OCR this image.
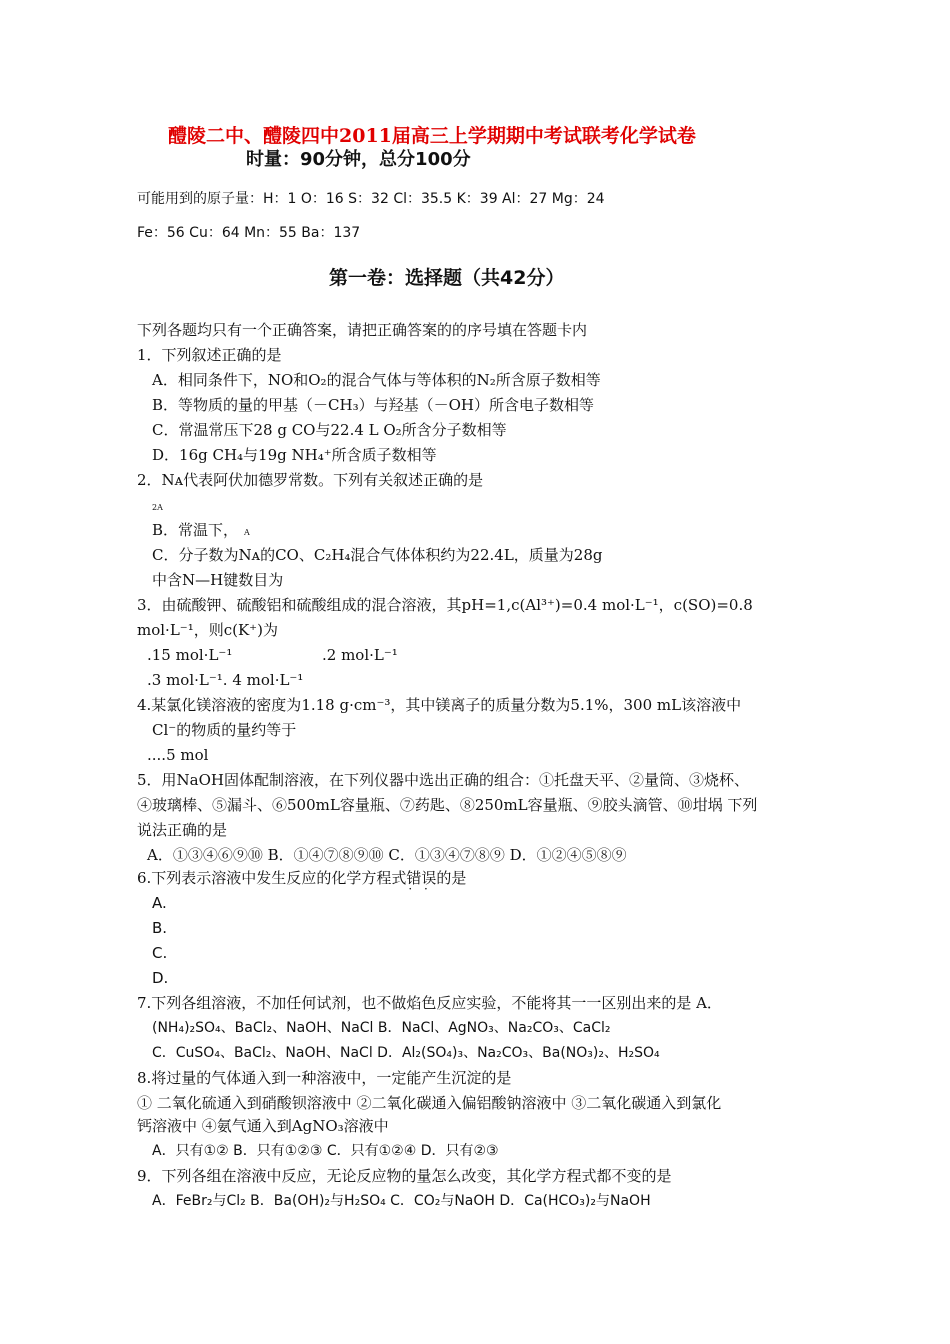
醴陵二中、醴陵四中2011届高三上学期期中考试联考化学试卷
时量：90分钟，总分100分
可能用到的原子量：H：1 O：16 S：32 Cl：35.5 K：39 Al：27 Mg：24
Fe：56 Cu：64 Mn：55 Ba：137
第一卷：选择题（共42分）
下列各题均只有一个正确答案，请把正确答案的的序号填在答题卡内
1．下列叙述正确的是
A．相同条件下，NO和O₂的混合气体与等体积的N₂所含原子数相等
B．等物质的量的甲基（－CH₃）与羟基（－OH）所含电子数相等
C．常温常压下28 g CO与22.4 L O₂所含分子数相等
D．16g CH₄与19g NH₄⁺所含质子数相等
2．Nᴀ代表阿伏加德罗常数。下列有关叙述正确的是
2A
B．常温下， A
C．分子数为Nᴀ的CO、C₂H₄混合气体体积约为22.4L，质量为28g
中含N—H键数目为
3．由硫酸钾、硫酸铝和硫酸组成的混合溶液，其pH=1,c(Al³⁺)=0.4 mol·L⁻¹，c(SO)=0.8
mol·L⁻¹，则c(K⁺)为
.15 mol·L⁻¹	.2 mol·L⁻¹
.3 mol·L⁻¹. 4 mol·L⁻¹
4.某氯化镁溶液的密度为1.18 g·cm⁻³，其中镁离子的质量分数为5.1%，300 mL该溶液中
Cl⁻的物质的量约等于
....5 mol
5．用NaOH固体配制溶液，在下列仪器中选出正确的组合：①托盘天平、②量筒、③烧杯、
④玻璃棒、⑤漏斗、⑥500mL容量瓶、⑦药匙、⑧250mL容量瓶、⑨胶头滴管、⑩坩埚 下列
说法正确的是
A．①③④⑥⑨⑩ B．①④⑦⑧⑨⑩ C．①③④⑦⑧⑨ D．①②④⑤⑧⑨
6.下列表示溶液中发生反应的化学方程式错误 · ·的是
A.
B.
C.
D.
7.下列各组溶液，不加任何试剂，也不做焰色反应实验，不能将其一一区别出来的是 A．
(NH₄)₂SO₄、BaCl₂、NaOH、NaCl B．NaCl、AgNO₃、Na₂CO₃、CaCl₂
C．CuSO₄、BaCl₂、NaOH、NaCl D．Al₂(SO₄)₃、Na₂CO₃、Ba(NO₃)₂、H₂SO₄
8.将过量的气体通入到一种溶液中，一定能产生沉淀的是
① 二氧化硫通入到硝酸钡溶液中 ②二氧化碳通入偏铝酸钠溶液中 ③二氧化碳通入到氯化
钙溶液中 ④氨气通入到AgNO₃溶液中
A．只有①② B．只有①②③ C．只有①②④ D．只有②③
9．下列各组在溶液中反应，无论反应物的量怎么改变，其化学方程式都不变的是
A．FeBr₂与Cl₂ B．Ba(OH)₂与H₂SO₄ C．CO₂与NaOH D．Ca(HCO₃)₂与NaOH
